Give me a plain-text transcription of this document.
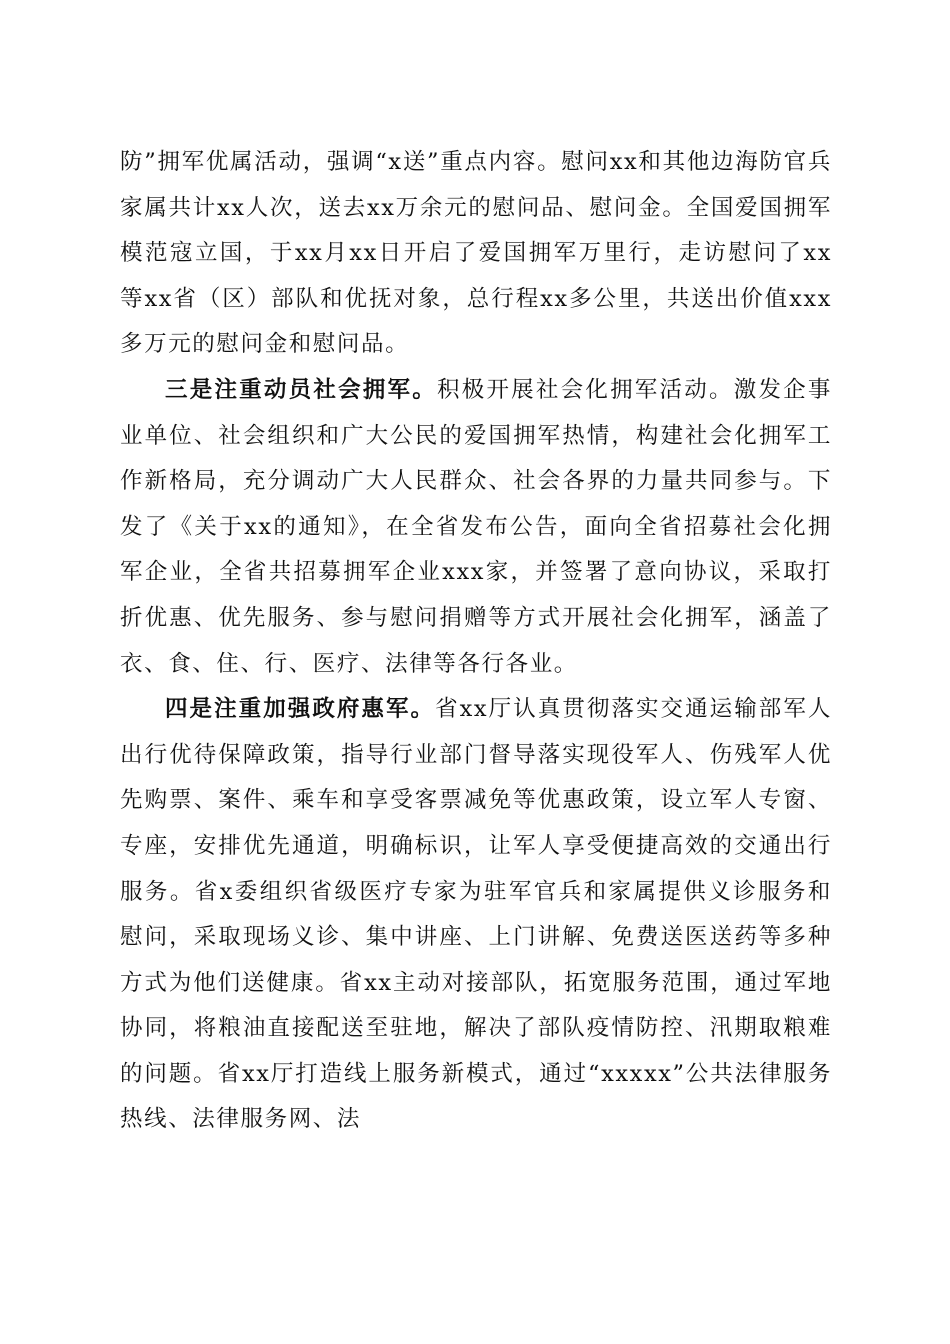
防”拥军优属活动，强调“x送”重点内容。慰问xx和其他边海防官兵家属共计xx人次，送去xx万余元的慰问品、慰问金。全国爱国拥军模范寇立国，于xx月xx日开启了爱国拥军万里行，走访慰问了xx等xx省（区）部队和优抚对象，总行程xx多公里，共送出价值xxx多万元的慰问金和慰问品。

三是注重动员社会拥军。积极开展社会化拥军活动。激发企事业单位、社会组织和广大公民的爱国拥军热情，构建社会化拥军工作新格局，充分调动广大人民群众、社会各界的力量共同参与。下发了《关于xx的通知》，在全省发布公告，面向全省招募社会化拥军企业，全省共招募拥军企业xxx家，并签署了意向协议，采取打折优惠、优先服务、参与慰问捐赠等方式开展社会化拥军，涵盖了衣、食、住、行、医疗、法律等各行各业。

四是注重加强政府惠军。省xx厅认真贯彻落实交通运输部军人出行优待保障政策，指导行业部门督导落实现役军人、伤残军人优先购票、案件、乘车和享受客票减免等优惠政策，设立军人专窗、专座，安排优先通道，明确标识，让军人享受便捷高效的交通出行服务。省x委组织省级医疗专家为驻军官兵和家属提供义诊服务和慰问，采取现场义诊、集中讲座、上门讲解、免费送医送药等多种方式为他们送健康。省xx主动对接部队，拓宽服务范围，通过军地协同，将粮油直接配送至驻地，解决了部队疫情防控、汛期取粮难的问题。省xx厅打造线上服务新模式，通过“xxxxx”公共法律服务热线、法律服务网、法
